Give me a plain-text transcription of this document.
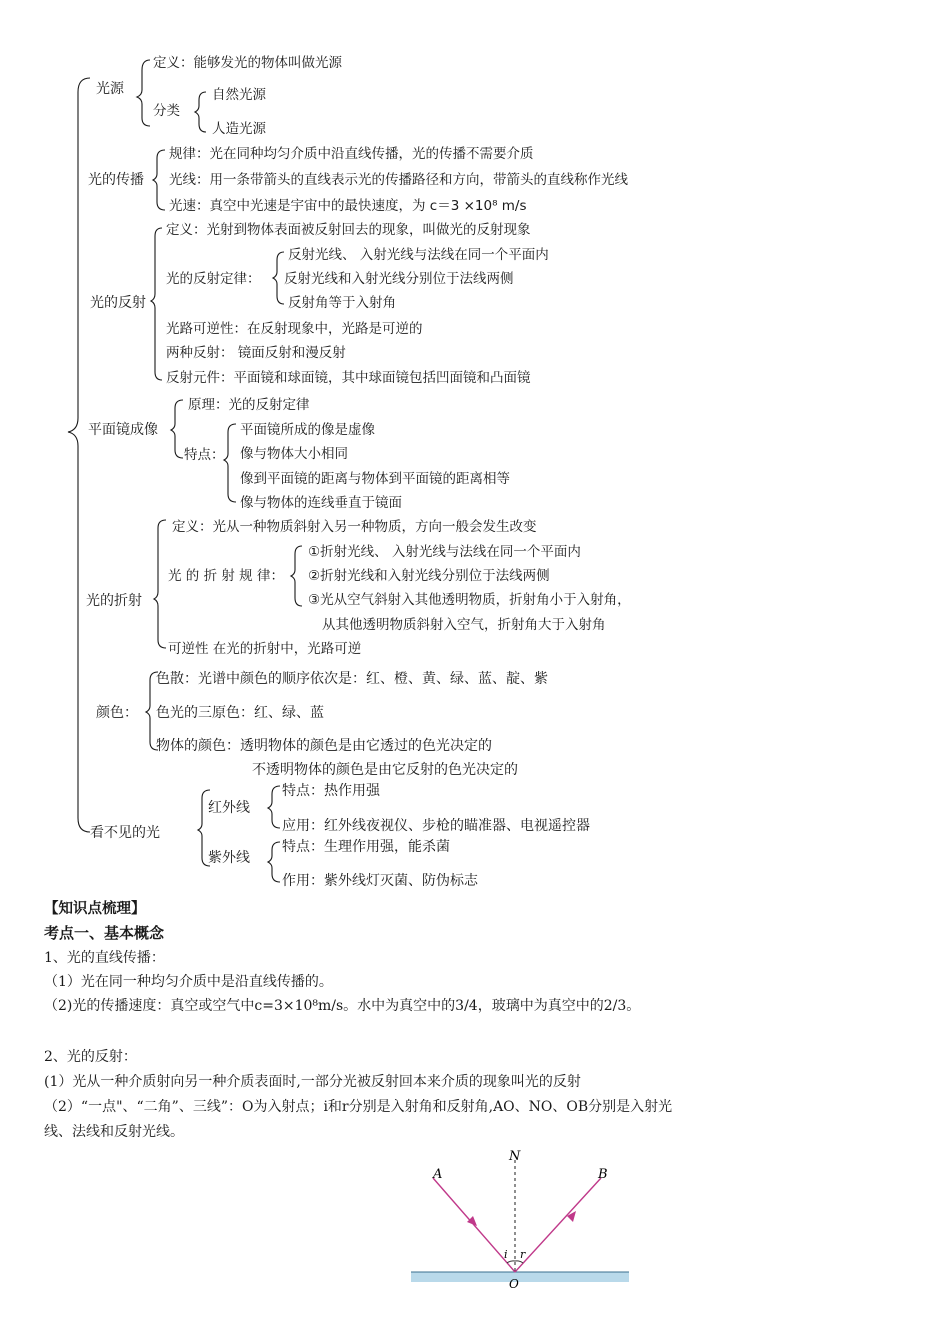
光源
定义：能够发光的物体叫做光源
分类
自然光源
人造光源
光的传播
规律：光在同种均匀介质中沿直线传播，光的传播不需要介质
光线：用一条带箭头的直线表示光的传播路径和方向，带箭头的直线称作光线
光速：真空中光速是宇宙中的最快速度，为 c＝3 ×10⁸ m/s
光的反射
定义：光射到物体表面被反射回去的现象，叫做光的反射现象
光的反射定律：
反射光线、 入射光线与法线在同一个平面内
反射光线和入射光线分别位于法线两侧
反射角等于入射角
光路可逆性：在反射现象中，光路是可逆的
两种反射： 镜面反射和漫反射
反射元件：平面镜和球面镜，其中球面镜包括凹面镜和凸面镜
平面镜成像
原理：光的反射定律
特点：
平面镜所成的像是虚像
像与物体大小相同
像到平面镜的距离与物体到平面镜的距离相等
像与物体的连线垂直于镜面
光的折射
定义：光从一种物质斜射入另一种物质，方向一般会发生改变
光 的 折 射 规 律：
①折射光线、 入射光线与法线在同一个平面内
②折射光线和入射光线分别位于法线两侧
③光从空气斜射入其他透明物质，折射角小于入射角，
从其他透明物质斜射入空气，折射角大于入射角
可逆性 在光的折射中，光路可逆
颜色：
色散：光谱中颜色的顺序依次是：红、橙、黄、绿、蓝、靛、紫
色光的三原色：红、绿、蓝
物体的颜色：透明物体的颜色是由它透过的色光决定的
不透明物体的颜色是由它反射的色光决定的
看不见的光
红外线
特点：热作用强
应用：红外线夜视仪、步枪的瞄准器、电视遥控器
紫外线
特点：生理作用强，能杀菌
作用：紫外线灯灭菌、防伪标志
【知识点梳理】
考点一、基本概念
1、光的直线传播：
（1）光在同一种均匀介质中是沿直线传播的。
（2)光的传播速度：真空或空气中c=3×10⁸m/s。水中为真空中的3/4，玻璃中为真空中的2/3。
2、光的反射：
(1）光从一种介质射向另一种介质表面时,一部分光被反射回本来介质的现象叫光的反射
（2）“一点"、“二角”、三线”：O为入射点；i和r分别是入射角和反射角,AO、NO、OB分别是入射光
线、法线和反射光线。
A	B
N
O
i r
